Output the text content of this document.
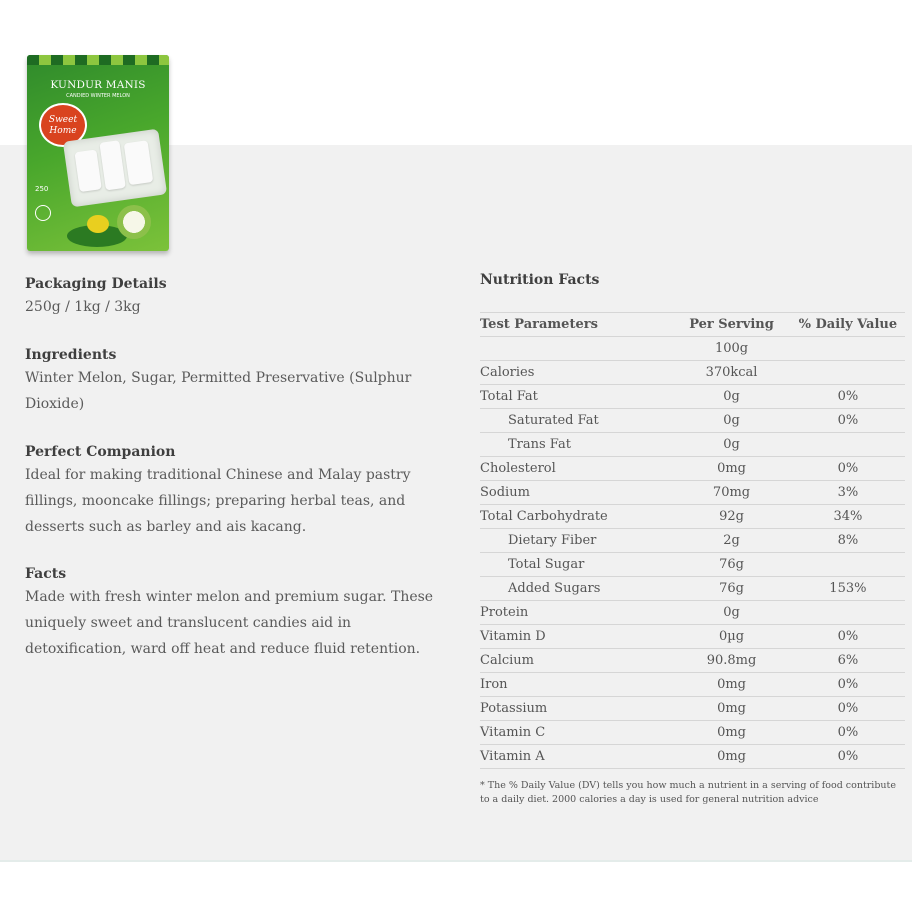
KUNDUR MANIS
CANDIED WINTER MELON
Sweet Home
250
Packaging Details

250g / 1kg / 3kg

Ingredients

Winter Melon, Sugar, Permitted Preservative (Sulphur Dioxide)

Perfect Companion

Ideal for making traditional Chinese and Malay pastry fillings, mooncake fillings; preparing herbal teas, and desserts such as barley and ais kacang.

Facts

Made with fresh winter melon and premium sugar. These uniquely sweet and translucent candies aid in detoxification, ward off heat and reduce fluid retention.

Nutrition Facts
Test Parameters	Per Serving	% Daily Value
	100g	
Calories	370kcal	
Total Fat	0g	0%
Saturated Fat	0g	0%
Trans Fat	0g	
Cholesterol	0mg	0%
Sodium	70mg	3%
Total Carbohydrate	92g	34%
Dietary Fiber	2g	8%
Total Sugar	76g	
Added Sugars	76g	153%
Protein	0g	
Vitamin D	0µg	0%
Calcium	90.8mg	6%
Iron	0mg	0%
Potassium	0mg	0%
Vitamin C	0mg	0%
Vitamin A	0mg	0%

* The % Daily Value (DV) tells you how much a nutrient in a serving of food contribute to a daily diet. 2000 calories a day is used for general nutrition advice
